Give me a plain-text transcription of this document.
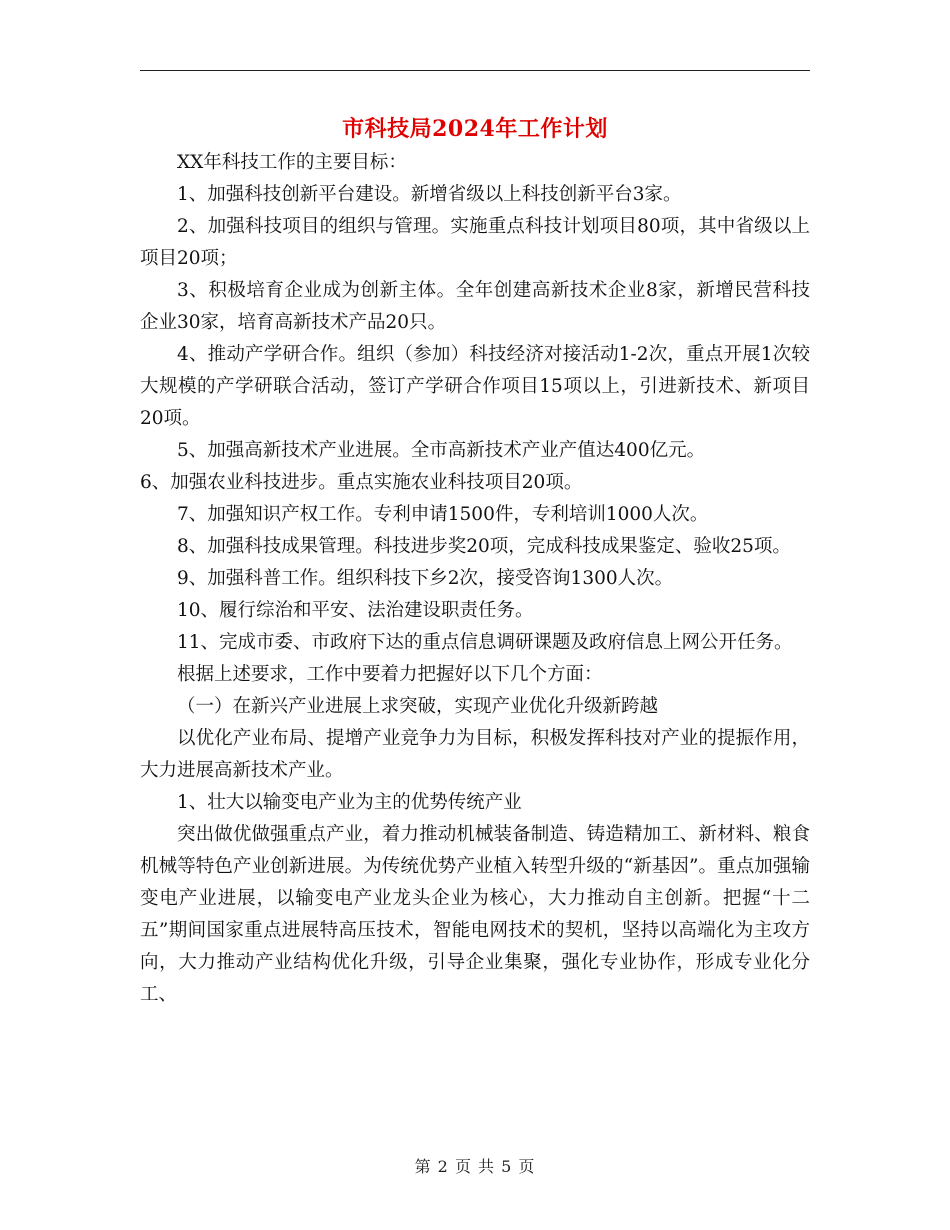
市科技局2024年工作计划

XX年科技工作的主要目标：

1、加强科技创新平台建设。新增省级以上科技创新平台3家。

2、加强科技项目的组织与管理。实施重点科技计划项目80项，其中省级以上项目20项；

3、积极培育企业成为创新主体。全年创建高新技术企业8家，新增民营科技企业30家，培育高新技术产品20只。

4、推动产学研合作。组织（参加）科技经济对接活动1-2次，重点开展1次较大规模的产学研联合活动，签订产学研合作项目15项以上，引进新技术、新项目20项。

5、加强高新技术产业进展。全市高新技术产业产值达400亿元。

6、加强农业科技进步。重点实施农业科技项目20项。

7、加强知识产权工作。专利申请1500件，专利培训1000人次。

8、加强科技成果管理。科技进步奖20项，完成科技成果鉴定、验收25项。

9、加强科普工作。组织科技下乡2次，接受咨询1300人次。

10、履行综治和平安、法治建设职责任务。

11、完成市委、市政府下达的重点信息调研课题及政府信息上网公开任务。

根据上述要求，工作中要着力把握好以下几个方面：

（一）在新兴产业进展上求突破，实现产业优化升级新跨越

以优化产业布局、提增产业竞争力为目标，积极发挥科技对产业的提振作用，大力进展高新技术产业。

1、壮大以输变电产业为主的优势传统产业

突出做优做强重点产业，着力推动机械装备制造、铸造精加工、新材料、粮食机械等特色产业创新进展。为传统优势产业植入转型升级的“新基因”。重点加强输变电产业进展，以输变电产业龙头企业为核心，大力推动自主创新。把握“十二五”期间国家重点进展特高压技术，智能电网技术的契机，坚持以高端化为主攻方向，大力推动产业结构优化升级，引导企业集聚，强化专业协作，形成专业化分工、

第 2 页 共 5 页
